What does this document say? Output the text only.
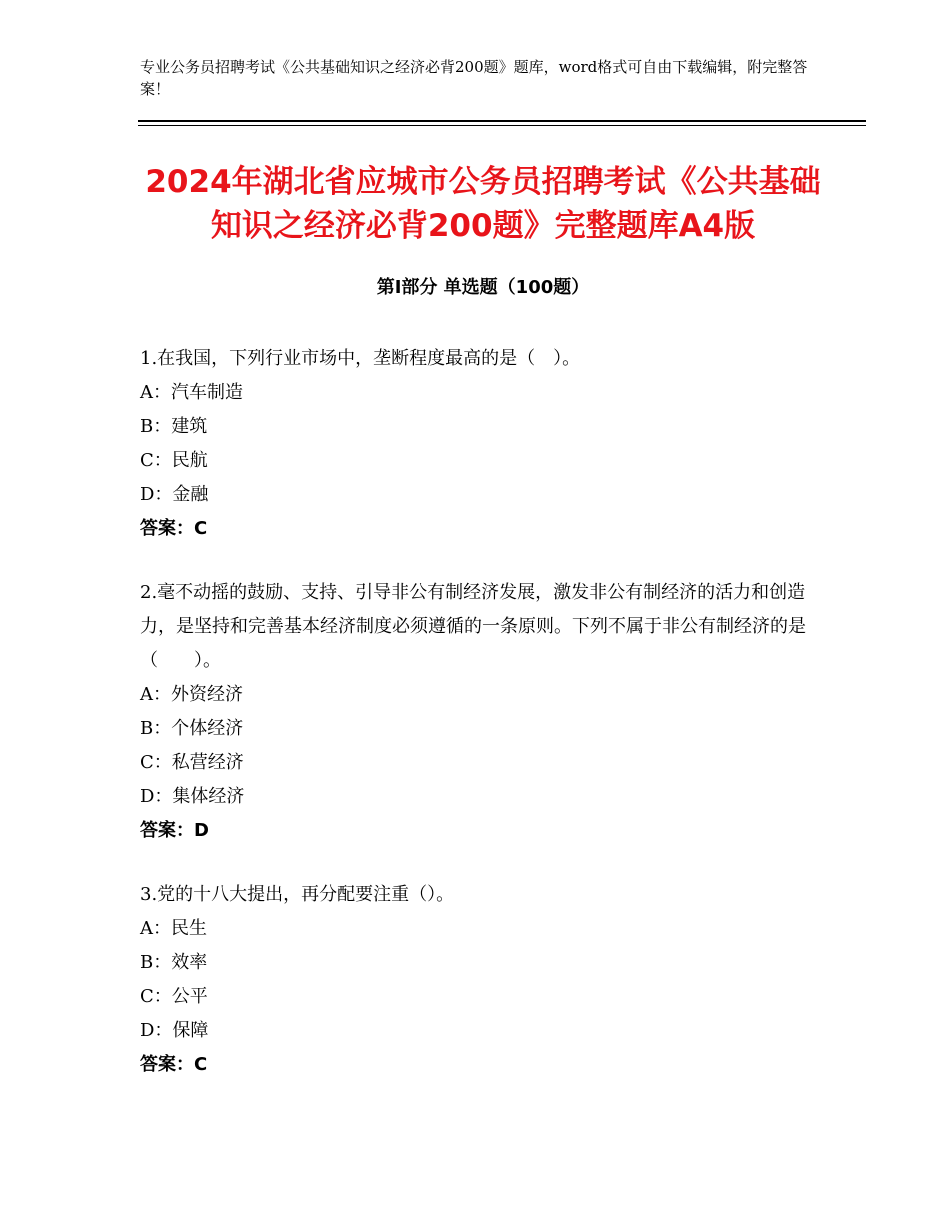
专业公务员招聘考试《公共基础知识之经济必背200题》题库，word格式可自由下载编辑，附完整答案！
2024年湖北省应城市公务员招聘考试《公共基础知识之经济必背200题》完整题库A4版
第Ⅰ部分 单选题（100题）
1.在我国，下列行业市场中，垄断程度最高的是（　）。
A：汽车制造
B：建筑
C：民航
D：金融
答案：C
2.毫不动摇的鼓励、支持、引导非公有制经济发展，激发非公有制经济的活力和创造力，是坚持和完善基本经济制度必须遵循的一条原则。下列不属于非公有制经济的是（　　）。
A：外资经济
B：个体经济
C：私营经济
D：集体经济
答案：D
3.党的十八大提出，再分配要注重（）。
A：民生
B：效率
C：公平
D：保障
答案：C
